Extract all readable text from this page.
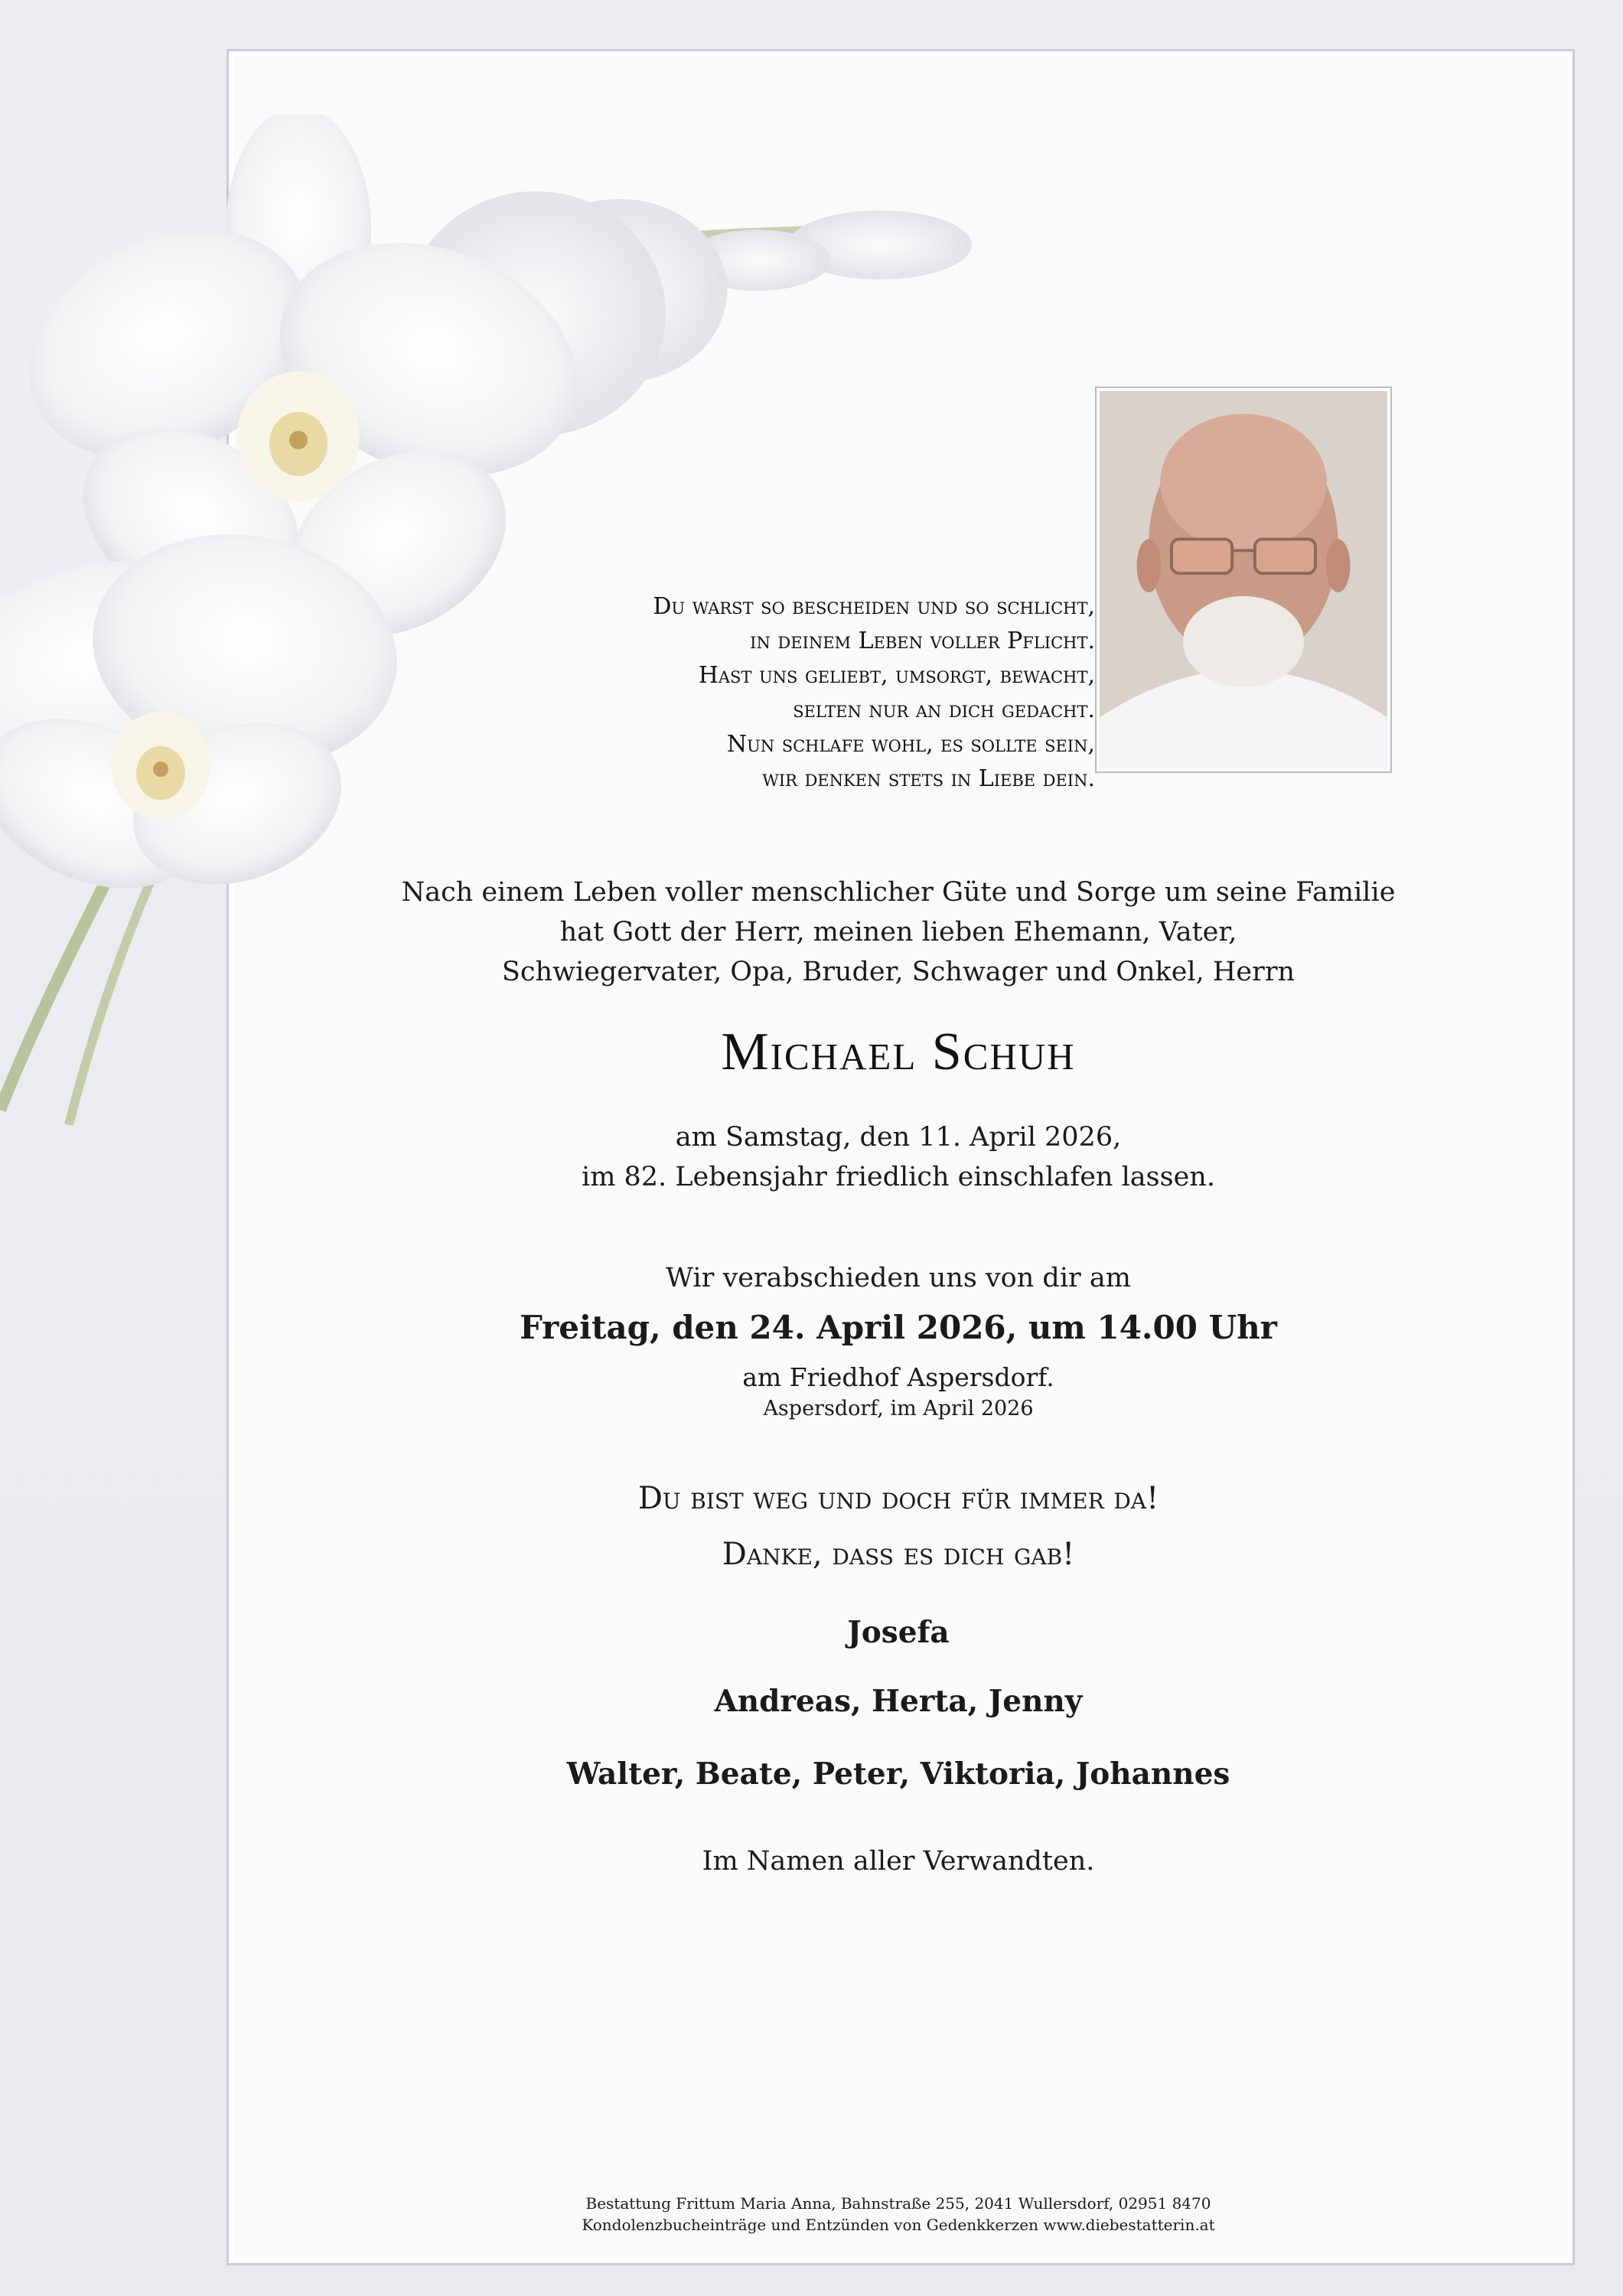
Du warst so bescheiden und so schlicht,
in deinem Leben voller Pflicht.
Hast uns geliebt, umsorgt, bewacht,
selten nur an dich gedacht.
Nun schlafe wohl, es sollte sein,
wir denken stets in Liebe dein.
Nach einem Leben voller menschlicher Güte und Sorge um seine Familie
hat Gott der Herr, meinen lieben Ehemann, Vater,
Schwiegervater, Opa, Bruder, Schwager und Onkel, Herrn
Michael Schuh
am Samstag, den 11. April 2026,
im 82. Lebensjahr friedlich einschlafen lassen.
Wir verabschieden uns von dir am
Freitag, den 24. April 2026, um 14.00 Uhr
am Friedhof Aspersdorf.
Aspersdorf, im April 2026
Du bist weg und doch für immer da!
Danke, dass es dich gab!
Josefa
Andreas, Herta, Jenny
Walter, Beate, Peter, Viktoria, Johannes
Im Namen aller Verwandten.
Bestattung Frittum Maria Anna, Bahnstraße 255, 2041 Wullersdorf, 02951 8470
Kondolenzbucheinträge und Entzünden von Gedenkkerzen www.diebestatterin.at
